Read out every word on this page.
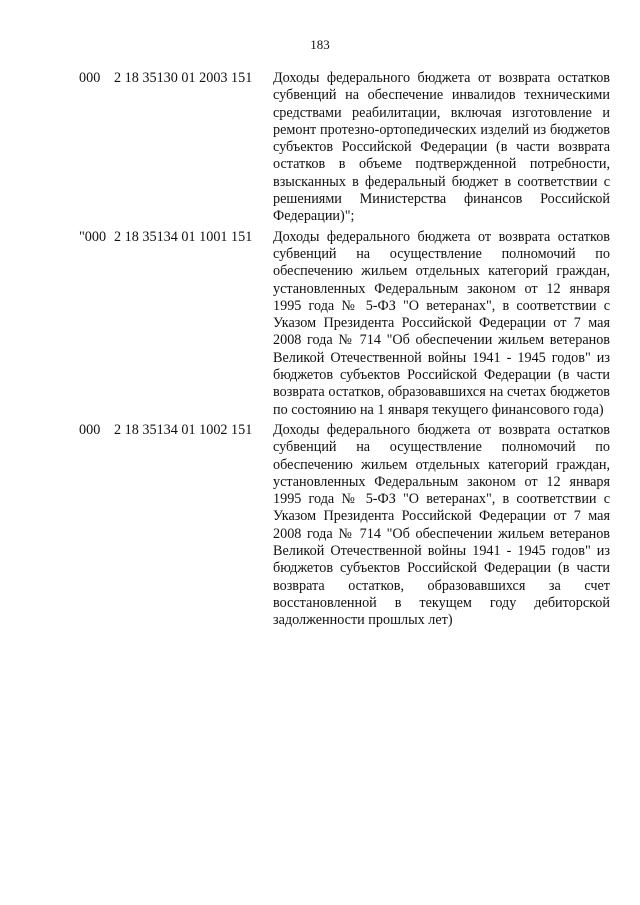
183
000 2 18 35130 01 2003 151 Доходы федерального бюджета от возврата остатков субвенций на обеспечение инвалидов техническими средствами реабилитации, включая изготовление и ремонт протезно-ортопедических изделий из бюджетов субъектов Российской Федерации (в части возврата остатков в объеме подтвержденной потребности, взысканных в федеральный бюджет в соответствии с решениями Министерства финансов Российской Федерации)";
"000 2 18 35134 01 1001 151 Доходы федерального бюджета от возврата остатков субвенций на осуществление полномочий по обеспечению жильем отдельных категорий граждан, установленных Федеральным законом от 12 января 1995 года № 5-ФЗ "О ветеранах", в соответствии с Указом Президента Российской Федерации от 7 мая 2008 года № 714 "Об обеспечении жильем ветеранов Великой Отечественной войны 1941 - 1945 годов" из бюджетов субъектов Российской Федерации (в части возврата остатков, образовавшихся на счетах бюджетов по состоянию на 1 января текущего финансового года)
000 2 18 35134 01 1002 151 Доходы федерального бюджета от возврата остатков субвенций на осуществление полномочий по обеспечению жильем отдельных категорий граждан, установленных Федеральным законом от 12 января 1995 года № 5-ФЗ "О ветеранах", в соответствии с Указом Президента Российской Федерации от 7 мая 2008 года № 714 "Об обеспечении жильем ветеранов Великой Отечественной войны 1941 - 1945 годов" из бюджетов субъектов Российской Федерации (в части возврата остатков, образовавшихся за счет восстановленной в текущем году дебиторской задолженности прошлых лет)
